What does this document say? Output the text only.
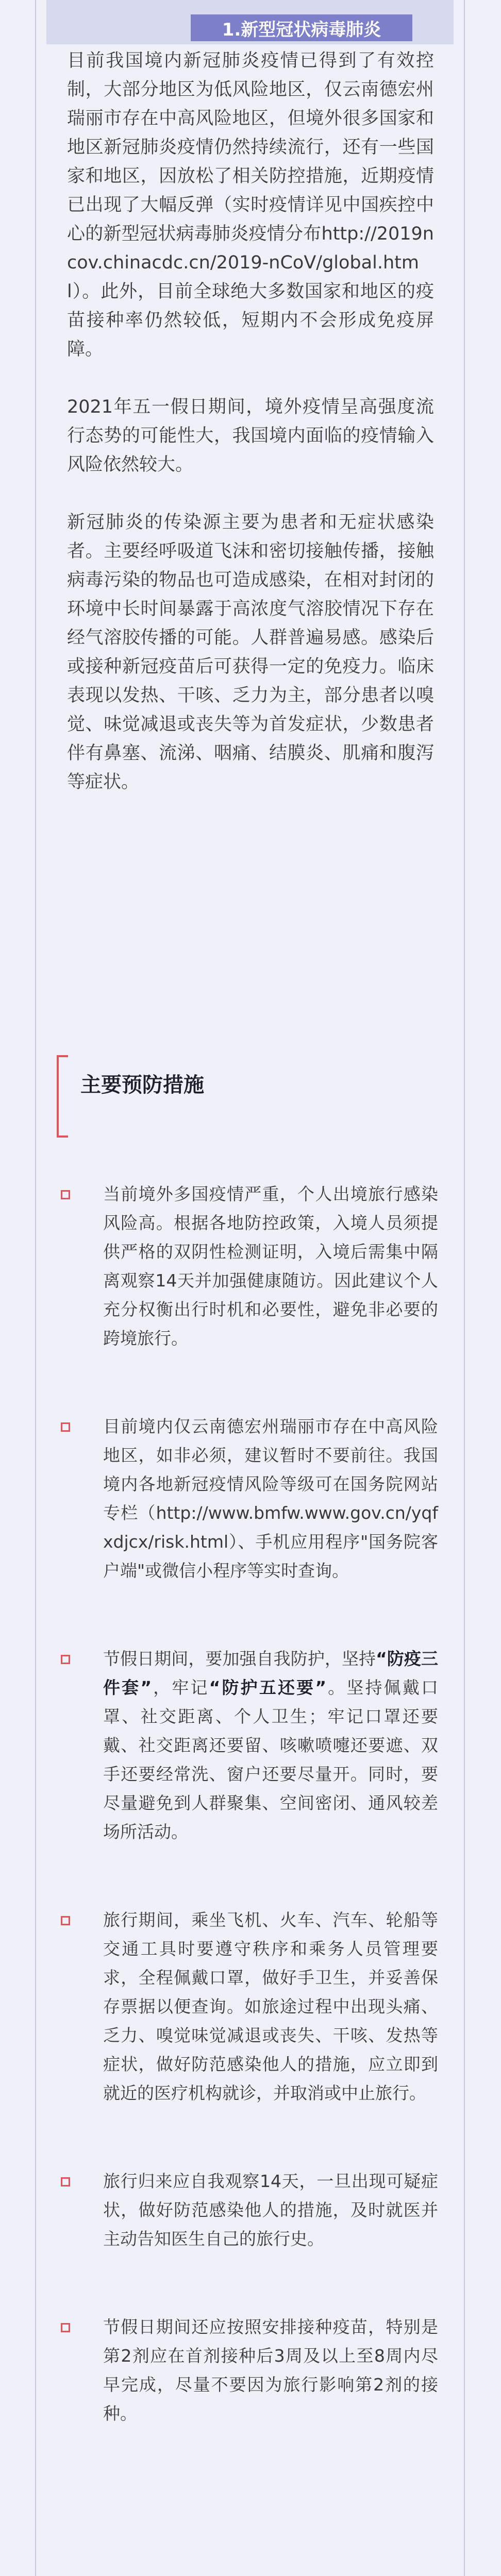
1.新型冠状病毒肺炎

目前我国境内新冠肺炎疫情已得到了有效控制，大部分地区为低风险地区，仅云南德宏州瑞丽市存在中高风险地区，但境外很多国家和地区新冠肺炎疫情仍然持续流行，还有一些国家和地区，因放松了相关防控措施，近期疫情已出现了大幅反弹（实时疫情详见中国疾控中心的新型冠状病毒肺炎疫情分布http://2019ncov.chinacdc.cn/2019-nCoV/global.html）。此外，目前全球绝大多数国家和地区的疫苗接种率仍然较低，短期内不会形成免疫屏障。

2021年五一假日期间，境外疫情呈高强度流行态势的可能性大，我国境内面临的疫情输入风险依然较大。

新冠肺炎的传染源主要为患者和无症状感染者。主要经呼吸道飞沫和密切接触传播，接触病毒污染的物品也可造成感染，在相对封闭的环境中长时间暴露于高浓度气溶胶情况下存在经气溶胶传播的可能。人群普遍易感。感染后或接种新冠疫苗后可获得一定的免疫力。临床表现以发热、干咳、乏力为主，部分患者以嗅觉、味觉减退或丧失等为首发症状，少数患者伴有鼻塞、流涕、咽痛、结膜炎、肌痛和腹泻等症状。

主要预防措施

当前境外多国疫情严重，个人出境旅行感染风险高。根据各地防控政策，入境人员须提供严格的双阴性检测证明，入境后需集中隔离观察14天并加强健康随访。因此建议个人充分权衡出行时机和必要性，避免非必要的跨境旅行。

目前境内仅云南德宏州瑞丽市存在中高风险地区，如非必须，建议暂时不要前往。我国境内各地新冠疫情风险等级可在国务院网站专栏（http://www.bmfw.www.gov.cn/yqfxdjcx/risk.html）、手机应用程序"国务院客户端"或微信小程序等实时查询。

节假日期间，要加强自我防护，坚持“防疫三件套”，牢记“防护五还要”。坚持佩戴口罩、社交距离、个人卫生；牢记口罩还要戴、社交距离还要留、咳嗽喷嚏还要遮、双手还要经常洗、窗户还要尽量开。同时，要尽量避免到人群聚集、空间密闭、通风较差场所活动。

旅行期间，乘坐飞机、火车、汽车、轮船等交通工具时要遵守秩序和乘务人员管理要求，全程佩戴口罩，做好手卫生，并妥善保存票据以便查询。如旅途过程中出现头痛、乏力、嗅觉味觉减退或丧失、干咳、发热等症状，做好防范感染他人的措施，应立即到就近的医疗机构就诊，并取消或中止旅行。

旅行归来应自我观察14天，一旦出现可疑症状，做好防范感染他人的措施，及时就医并主动告知医生自己的旅行史。

节假日期间还应按照安排接种疫苗，特别是第2剂应在首剂接种后3周及以上至8周内尽早完成，尽量不要因为旅行影响第2剂的接种。
